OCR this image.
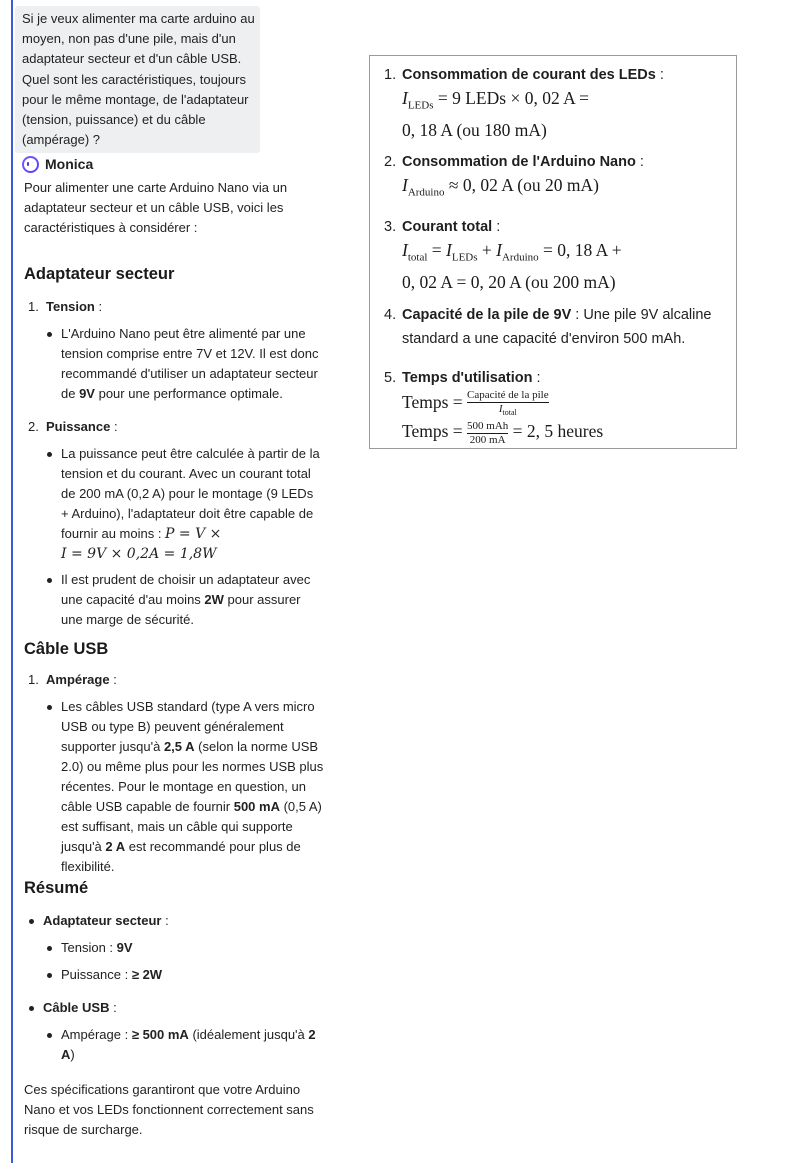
Si je veux alimenter ma carte arduino au moyen, non pas d'une pile, mais d'un adaptateur secteur et d'un câble USB. Quel sont les caractéristiques, toujours pour le même montage, de l'adaptateur (tension, puissance) et du câble (ampérage) ?
Monica

Pour alimenter une carte Arduino Nano via un adaptateur secteur et un câble USB, voici les caractéristiques à considérer :

Adaptateur secteur
1. Tension :
L'Arduino Nano peut être alimenté par une tension comprise entre 7V et 12V. Il est donc recommandé d'utiliser un adaptateur secteur de 9V pour une performance optimale.
2. Puissance :
La puissance peut être calculée à partir de la tension et du courant. Avec un courant total de 200 mA (0,2 A) pour le montage (9 LEDs + Arduino), l'adaptateur doit être capable de fournir au moins : P = V ×
I = 9V × 0,2A = 1,8W
Il est prudent de choisir un adaptateur avec une capacité d'au moins 2W pour assurer une marge de sécurité.
Câble USB
1. Ampérage :
Les câbles USB standard (type A vers micro USB ou type B) peuvent généralement supporter jusqu'à 2,5 A (selon la norme USB 2.0) ou même plus pour les normes USB plus récentes. Pour le montage en question, un câble USB capable de fournir 500 mA (0,5 A) est suffisant, mais un câble qui supporte jusqu'à 2 A est recommandé pour plus de flexibilité.
Résumé
Adaptateur secteur :
Tension : 9V
Puissance : ≥ 2W
Câble USB :
Ampérage : ≥ 500 mA (idéalement jusqu'à 2 A)

Ces spécifications garantiront que votre Arduino Nano et vos LEDs fonctionnent correctement sans risque de surcharge.

1. Consommation de courant des LEDs :
$I_{LEDs} = 9$ LEDs × 0, 02 A =
0, 18 A (ou 180 mA)
2. Consommation de l'Arduino Nano :
$I_{Arduino} \approx 0$, 02 A (ou 20 mA)
3. Courant total :
$I_{total} = I_{LEDs} + I_{Arduino} = 0$, 18 A +
0, 02 A = 0, 20 A (ou 200 mA)
4. Capacité de la pile de 9V : Une pile 9V alcaline standard a une capacité d'environ 500 mAh.
5. Temps d'utilisation :
Temps = $\frac{\text{Capacité de la pile}}{I_{total}}$
Temps = $\frac{\text{500 mAh}}{200 mA} = 2$, 5 heures
